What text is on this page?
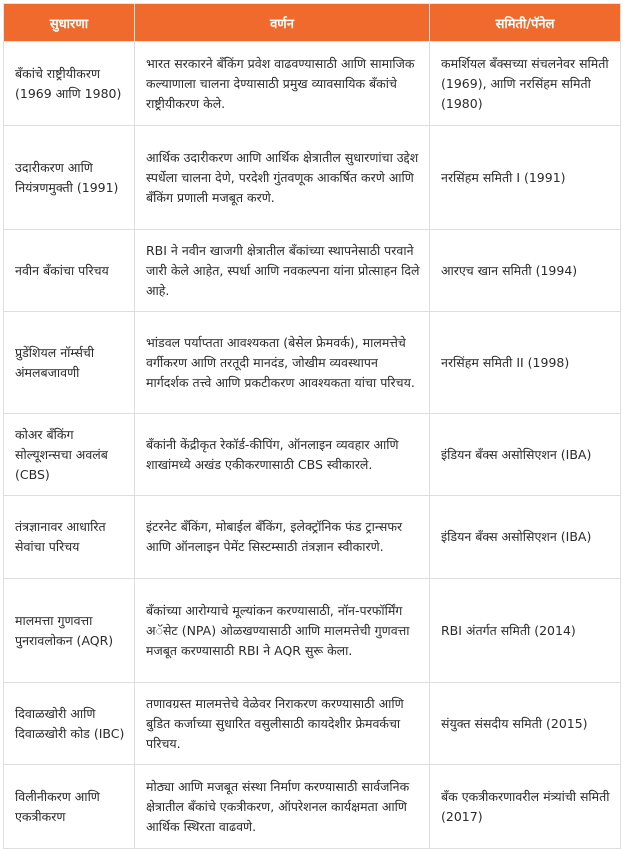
सुधारणा	वर्णन	समिती/पॅनेल
बँकांचे राष्ट्रीयीकरण (1969 आणि 1980)	भारत सरकारने बँकिंग प्रवेश वाढवण्यासाठी आणि सामाजिक कल्याणाला चालना देण्यासाठी प्रमुख व्यावसायिक बँकांचे राष्ट्रीयीकरण केले.	कमर्शियल बँक्सच्या संचलनेवर समिती (1969), आणि नरसिंहम समिती (1980)
उदारीकरण आणि नियंत्रणमुक्ती (1991)	आर्थिक उदारीकरण आणि आर्थिक क्षेत्रातील सुधारणांचा उद्देश स्पर्धेला चालना देणे, परदेशी गुंतवणूक आकर्षित करणे आणि बँकिंग प्रणाली मजबूत करणे.	नरसिंहम समिती I (1991)
नवीन बँकांचा परिचय	RBI ने नवीन खाजगी क्षेत्रातील बँकांच्या स्थापनेसाठी परवाने जारी केले आहेत, स्पर्धा आणि नवकल्पना यांना प्रोत्साहन दिले आहे.	आरएच खान समिती (1994)
प्रुडेंशियल नॉर्म्सची अंमलबजावणी	भांडवल पर्याप्तता आवश्यकता (बेसेल फ्रेमवर्क), मालमत्तेचे वर्गीकरण आणि तरतूदी मानदंड, जोखीम व्यवस्थापन मार्गदर्शक तत्त्वे आणि प्रकटीकरण आवश्यकता यांचा परिचय.	नरसिंहम समिती II (1998)
कोअर बँकिंग सोल्यूशन्सचा अवलंब (CBS)	बँकांनी केंद्रीकृत रेकॉर्ड-कीपिंग, ऑनलाइन व्यवहार आणि शाखांमध्ये अखंड एकीकरणासाठी CBS स्वीकारले.	इंडियन बँक्स असोसिएशन (IBA)
तंत्रज्ञानावर आधारित सेवांचा परिचय	इंटरनेट बँकिंग, मोबाईल बँकिंग, इलेक्ट्रॉनिक फंड ट्रान्सफर आणि ऑनलाइन पेमेंट सिस्टम्साठी तंत्रज्ञान स्वीकारणे.	इंडियन बँक्स असोसिएशन (IBA)
मालमत्ता गुणवत्ता पुनरावलोकन (AQR)	बँकांच्या आरोग्याचे मूल्यांकन करण्यासाठी, नॉन-परफॉर्मिंग अॅसेट (NPA) ओळखण्यासाठी आणि मालमत्तेची गुणवत्ता मजबूत करण्यासाठी RBI ने AQR सुरू केला.	RBI अंतर्गत समिती (2014)
दिवाळखोरी आणि दिवाळखोरी कोड (IBC)	तणावग्रस्त मालमत्तेचे वेळेवर निराकरण करण्यासाठी आणि बुडित कर्जाच्या सुधारित वसुलीसाठी कायदेशीर फ्रेमवर्कचा परिचय.	संयुक्त संसदीय समिती (2015)
विलीनीकरण आणि एकत्रीकरण	मोठ्या आणि मजबूत संस्था निर्माण करण्यासाठी सार्वजनिक क्षेत्रातील बँकांचे एकत्रीकरण, ऑपरेशनल कार्यक्षमता आणि आर्थिक स्थिरता वाढवणे.	बँक एकत्रीकरणावरील मंत्र्यांची समिती (2017)
